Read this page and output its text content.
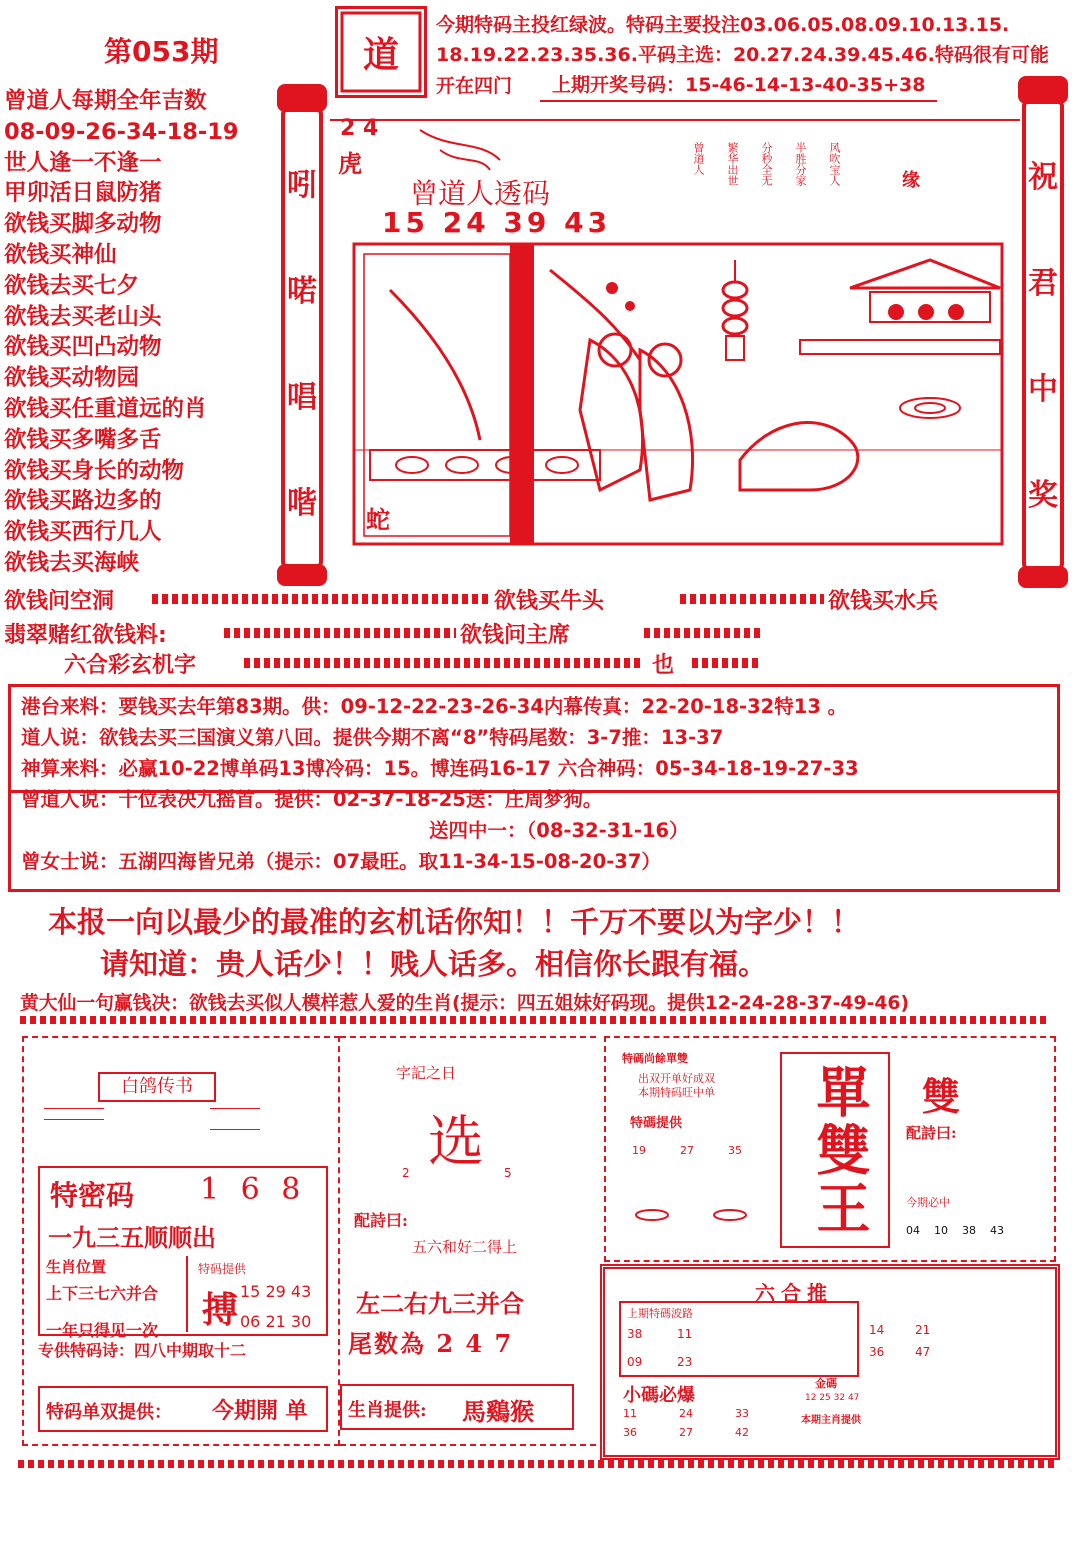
第053期	道
今期特码主投红绿波。特码主要投注03.06.05.08.09.10.13.15.
18.19.22.23.35.36.平码主选：20.27.24.39.45.46.特码很有可能
开在四门	上期开奖号码：15-46-14-13-40-35+38
曾道人每期全年吉数
08-09-26-34-18-19
世人逢一不逢一
甲卯活日鼠防猪
欲钱买脚多动物
欲钱买神仙
欲钱去买七夕
欲钱去买老山头
欲钱买凹凸动物
欲钱买动物园
欲钱买任重道远的肖
欲钱买多嘴多舌
欲钱买身长的动物
欲钱买路边多的
欲钱买西行几人
欲钱去买海峡
吲
喏
唱
喈
祝
君
中
奖
2 4
虎
曾道人透码
15 24 39 43
曾道人 繁华出世 分秒全无 半胜分家 风吹宝人	缘
蛇
欲钱问空洞	欲钱买牛头	欲钱买水兵
翡翠赌红欲钱料:	欲钱问主席
六合彩玄机字	也
港台来料：要钱买去年第83期。供：09-12-22-23-26-34内幕传真：22-20-18-32特13 。
道人说：欲钱去买三国演义第八回。提供今期不离“8”特码尾数：3-7推：13-37
神算来料：必赢10-22博单码13博冷码：15。博连码16-17 六合神码：05-34-18-19-27-33
曾道人说：十位表决九摇首。提供：02-37-18-25送：庄周梦狗。
送四中一：（08-32-31-16）
曾女士说：五湖四海皆兄弟（提示：07最旺。取11-34-15-08-20-37）
本报一向以最少的最准的玄机话你知！！千万不要以为字少！！
请知道：贵人话少！！贱人话多。相信你长跟有福。
黄大仙一句赢钱决：欲钱去买似人模样惹人爱的生肖(提示：四五姐妹好码现。提供12-24-28-37-49-46)
白鸽传书
特密码 1 6 8
一九三五顺顺出
生肖位置
上下三七六并合
一年只得见一次
特码提供
搏 15 29 43
06 21 30
专供特码诗：四八中期取十二
特码单双提供： 今期開 单
字記之日
选
2	5
配詩曰:
五六和好二得上
左二右九三并合
尾数為 2 4 7
生肖提供: 馬鷄猴
特碼尚餘單雙
出双开单好成双
本期特码旺中单
特碼提供
19	27	35 單雙王 雙
配詩曰:
今期必中
04 10 38 43
六合推
上期特碼波路
38	11
09	23
小碼必爆
11	24	33
36	27	42
14	21
36	47
金碼
12 25 32 47
本期主肖提供
